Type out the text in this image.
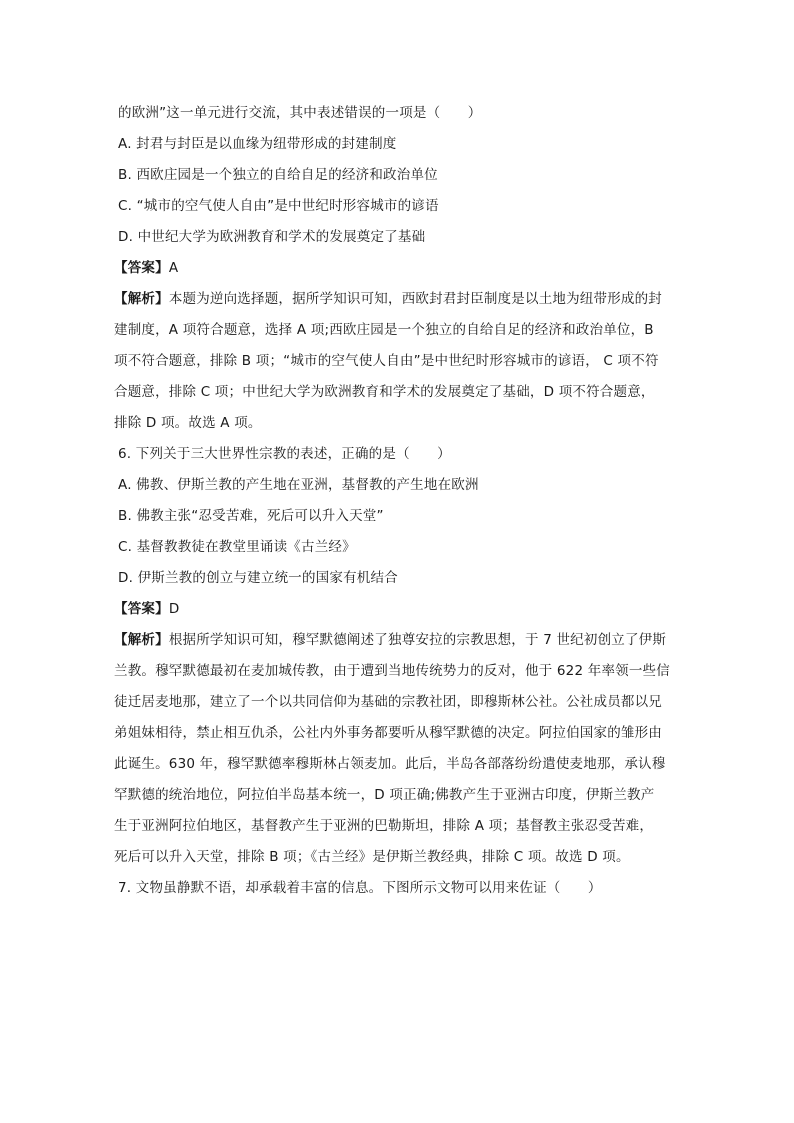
的欧洲”这一单元进行交流，其中表述错误的一项是（　　）
A. 封君与封臣是以血缘为纽带形成的封建制度
B. 西欧庄园是一个独立的自给自足的经济和政治单位
C. “城市的空气使人自由”是中世纪时形容城市的谚语
D. 中世纪大学为欧洲教育和学术的发展奠定了基础
【答案】A
【解析】本题为逆向选择题，据所学知识可知，西欧封君封臣制度是以土地为纽带形成的封
建制度，A 项符合题意，选择 A 项;西欧庄园是一个独立的自给自足的经济和政治单位，B
项不符合题意，排除 B 项；“城市的空气使人自由”是中世纪时形容城市的谚语， C 项不符
合题意，排除 C 项；中世纪大学为欧洲教育和学术的发展奠定了基础，D 项不符合题意，
排除 D 项。故选 A 项。
6. 下列关于三大世界性宗教的表述，正确的是（　　）
A. 佛教、伊斯兰教的产生地在亚洲，基督教的产生地在欧洲
B. 佛教主张“忍受苦难，死后可以升入天堂”
C. 基督教教徒在教堂里诵读《古兰经》
D. 伊斯兰教的创立与建立统一的国家有机结合
【答案】D
【解析】根据所学知识可知，穆罕默德阐述了独尊安拉的宗教思想，于 7 世纪初创立了伊斯
兰教。穆罕默德最初在麦加城传教，由于遭到当地传统势力的反对，他于 622 年率领一些信
徒迁居麦地那，建立了一个以共同信仰为基础的宗教社团，即穆斯林公社。公社成员都以兄
弟姐妹相待，禁止相互仇杀，公社内外事务都要听从穆罕默德的决定。阿拉伯国家的雏形由
此诞生。630 年，穆罕默德率穆斯林占领麦加。此后，半岛各部落纷纷遣使麦地那，承认穆
罕默德的统治地位，阿拉伯半岛基本统一，D 项正确;佛教产生于亚洲古印度，伊斯兰教产
生于亚洲阿拉伯地区，基督教产生于亚洲的巴勒斯坦，排除 A 项；基督教主张忍受苦难，
死后可以升入天堂，排除 B 项；《古兰经》是伊斯兰教经典，排除 C 项。故选 D 项。
7. 文物虽静默不语，却承载着丰富的信息。下图所示文物可以用来佐证（　　）
